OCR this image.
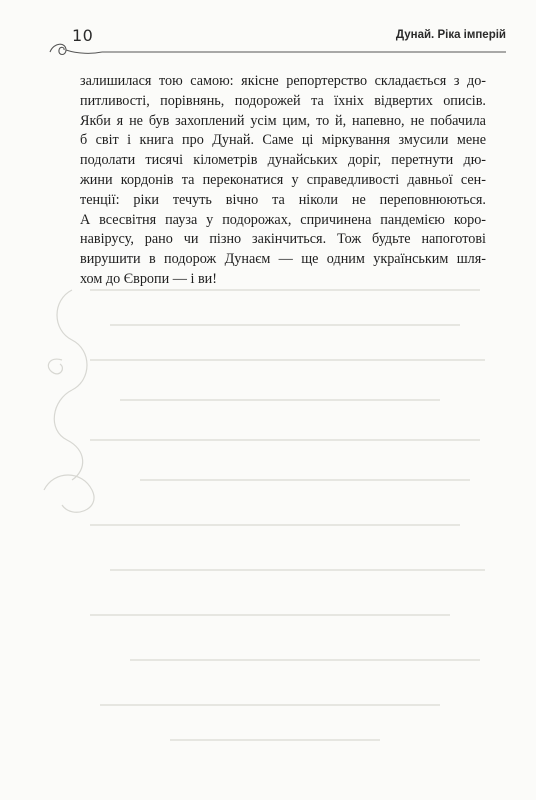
10	Дунай. Ріка імперій
залишилася тою самою: якісне репортерство складається з до-
питливості, порівнянь, подорожей та їхніх відвертих описів.
Якби я не був захоплений усім цим, то й, напевно, не побачила
б світ і книга про Дунай. Саме ці міркування змусили мене
подолати тисячі кілометрів дунайських доріг, перетнути дю-
жини кордонів та переконатися у справедливості давньої сен-
тенції: ріки течуть вічно та ніколи не переповнюються.
А всесвітня пауза у подорожах, спричинена пандемією коро-
навірусу, рано чи пізно закінчиться. Тож будьте напоготові
вирушити в подорож Дунаєм — ще одним українським шля-
хом до Європи — і ви!
